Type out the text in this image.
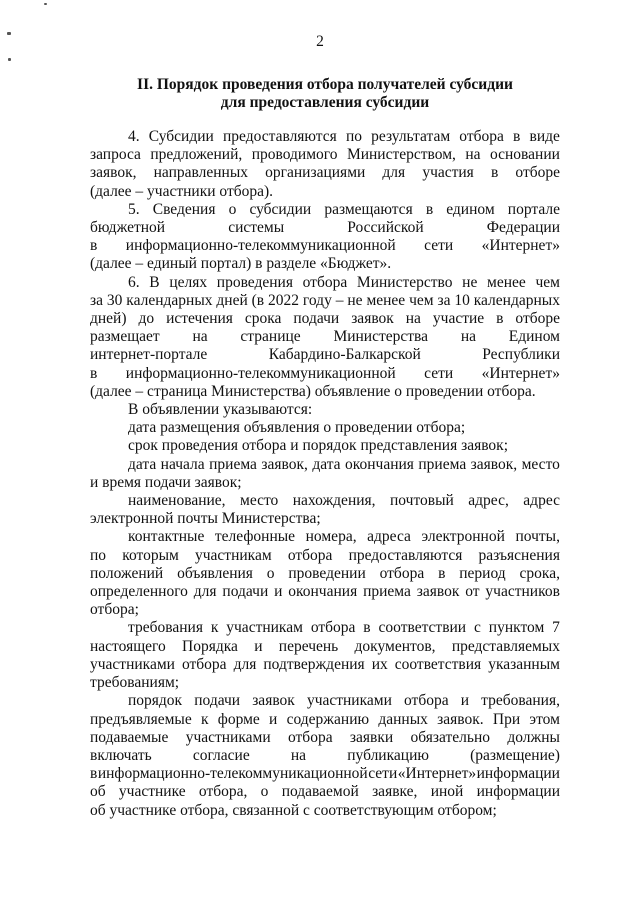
2
II. Порядок проведения отбора получателей субсидии
для предоставления субсидии
4. Субсидии предоставляются по результатам отбора в виде
запроса предложений, проводимого Министерством, на основании
заявок, направленных организациями для участия в отборе
(далее – участники отбора).
5. Сведения о субсидии размещаются в едином портале
бюджетной	системы	Российской	Федерации
в информационно-телекоммуникационной сети «Интернет»
(далее – единый портал) в разделе «Бюджет».
6. В целях проведения отбора Министерство не менее чем
за 30 календарных дней (в 2022 году – не менее чем за 10 календарных
дней) до истечения срока подачи заявок на участие в отборе
размещает на странице Министерства на Едином
интернет-портале	Кабардино-Балкарской	Республики
в информационно-телекоммуникационной сети «Интернет»
(далее – страница Министерства) объявление о проведении отбора.
В объявлении указываются:
дата размещения объявления о проведении отбора;
срок проведения отбора и порядок представления заявок;
дата начала приема заявок, дата окончания приема заявок, место
и время подачи заявок;
наименование, место нахождения, почтовый адрес, адрес
электронной почты Министерства;
контактные телефонные номера, адреса электронной почты,
по которым участникам отбора предоставляются разъяснения
положений объявления о проведении отбора в период срока,
определенного для подачи и окончания приема заявок от участников
отбора;
требования к участникам отбора в соответствии с пунктом 7
настоящего Порядка и перечень документов, представляемых
участниками отбора для подтверждения их соответствия указанным
требованиям;
порядок подачи заявок участниками отбора и требования,
предъявляемые к форме и содержанию данных заявок. При этом
подаваемые участниками отбора заявки обязательно должны
включать	согласие	на	публикацию	(размещение)
в информационно-телекоммуникационной сети «Интернет» информации
об участнике отбора, о подаваемой заявке, иной информации
об участнике отбора, связанной с соответствующим отбором;
